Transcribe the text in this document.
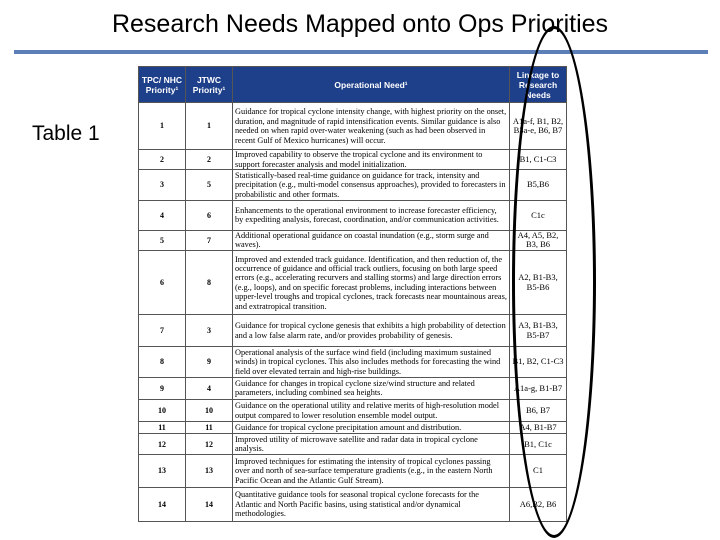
Research Needs Mapped onto Ops Priorities
Table 1
TPC/ NHC Priority¹	JTWC Priority¹	Operational Need¹	Linkage to Research Needs
1	1	Guidance for tropical cyclone intensity change, with highest priority on the onset, duration, and magnitude of rapid intensification events. Similar guidance is also needed on when rapid over-water weakening (such as had been observed in recent Gulf of Mexico hurricanes) will occur.	A1a-f, B1, B2, B3a-e, B6, B7
2	2	Improved capability to observe the tropical cyclone and its environment to support forecaster analysis and model initialization.	B1, C1-C3
3	5	Statistically-based real-time guidance on guidance for track, intensity and precipitation (e.g., multi-model consensus approaches), provided to forecasters in probabilistic and other formats.	B5,B6
4	6	Enhancements to the operational environment to increase forecaster efficiency, by expediting analysis, forecast, coordination, and/or communication activities.	C1c
5	7	Additional operational guidance on coastal inundation (e.g., storm surge and waves).	A4, A5, B2, B3, B6
6	8	Improved and extended track guidance. Identification, and then reduction of, the occurrence of guidance and official track outliers, focusing on both large speed errors (e.g., accelerating recurvers and stalling storms) and large direction errors (e.g., loops), and on specific forecast problems, including interactions between upper-level troughs and tropical cyclones, track forecasts near mountainous areas, and extratropical transition.	A2, B1-B3, B5-B6
7	3	Guidance for tropical cyclone genesis that exhibits a high probability of detection and a low false alarm rate, and/or provides probability of genesis.	A3, B1-B3, B5-B7
8	9	Operational analysis of the surface wind field (including maximum sustained winds) in tropical cyclones. This also includes methods for forecasting the wind field over elevated terrain and high-rise buildings.	B1, B2, C1-C3
9	4	Guidance for changes in tropical cyclone size/wind structure and related parameters, including combined sea heights.	A1a-g, B1-B7
10	10	Guidance on the operational utility and relative merits of high-resolution model output compared to lower resolution ensemble model output.	B6, B7
11	11	Guidance for tropical cyclone precipitation amount and distribution.	A4, B1-B7
12	12	Improved utility of microwave satellite and radar data in tropical cyclone analysis.	B1, C1c
13	13	Improved techniques for estimating the intensity of tropical cyclones passing over and north of sea-surface temperature gradients (e.g., in the eastern North Pacific Ocean and the Atlantic Gulf Stream).	C1
14	14	Quantitative guidance tools for seasonal tropical cyclone forecasts for the Atlantic and North Pacific basins, using statistical and/or dynamical methodologies.	A6,B2, B6
